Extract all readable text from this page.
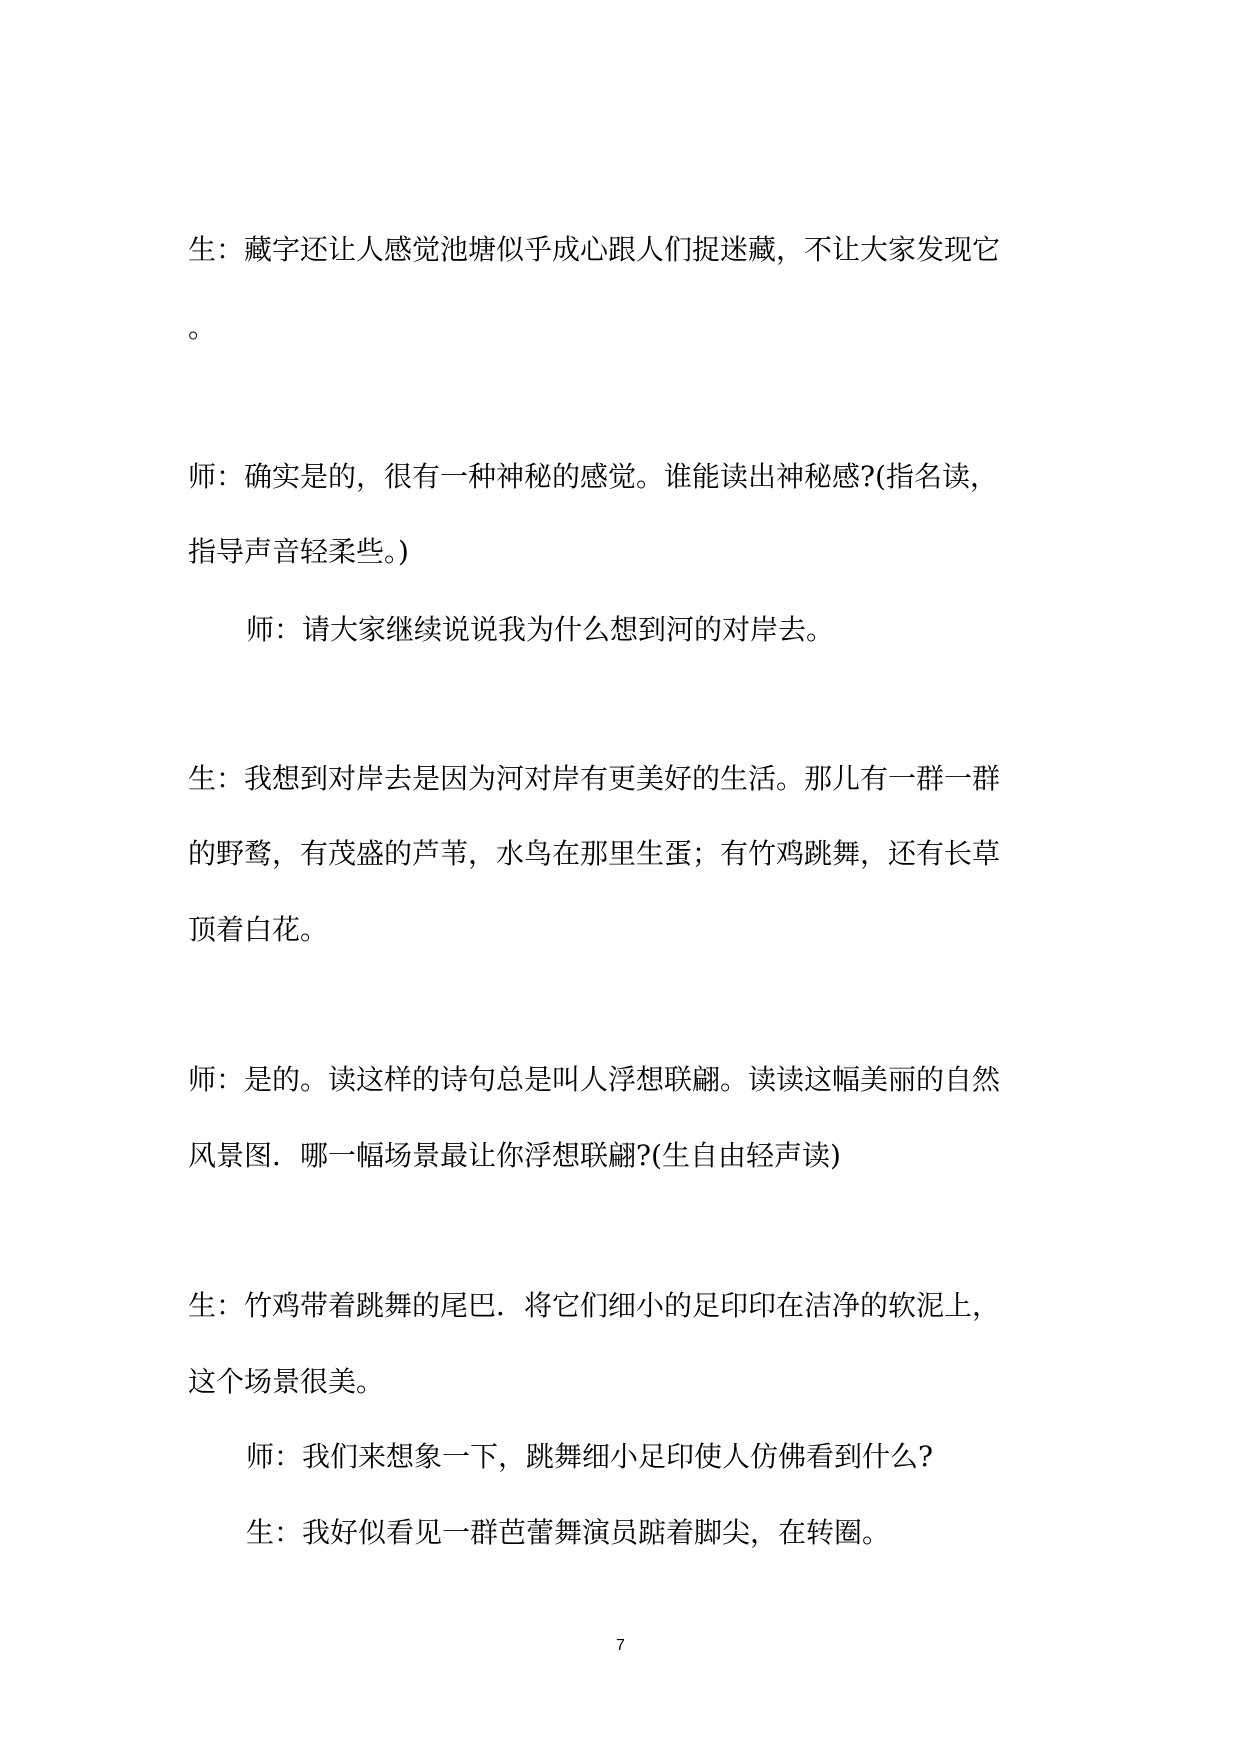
生：藏字还让人感觉池塘似乎成心跟人们捉迷藏，不让大家发现它
。
师：确实是的，很有一种神秘的感觉。谁能读出神秘感?(指名读，
指导声音轻柔些。)
师：请大家继续说说我为什么想到河的对岸去。
生：我想到对岸去是因为河对岸有更美好的生活。那儿有一群一群
的野鹜，有茂盛的芦苇，水鸟在那里生蛋；有竹鸡跳舞，还有长草
顶着白花。
师：是的。读这样的诗句总是叫人浮想联翩。读读这幅美丽的自然
风景图．哪一幅场景最让你浮想联翩?(生自由轻声读)
生：竹鸡带着跳舞的尾巴．将它们细小的足印印在洁净的软泥上，
这个场景很美。
师：我们来想象一下，跳舞细小足印使人仿佛看到什么?
生：我好似看见一群芭蕾舞演员踮着脚尖，在转圈。
7
